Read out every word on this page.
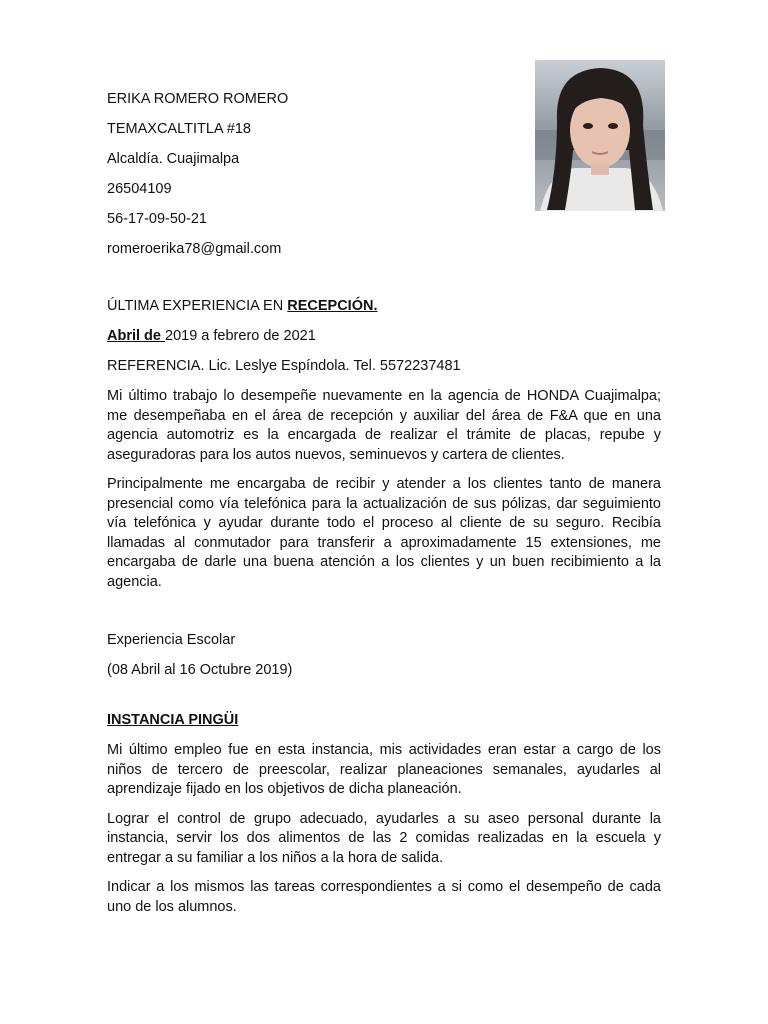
ERIKA ROMERO ROMERO
TEMAXCALTITLA #18
Alcaldía. Cuajimalpa
26504109
56-17-09-50-21
romeroerika78@gmail.com
ÚLTIMA EXPERIENCIA EN RECEPCIÓN.
Abril de 2019 a febrero de 2021
REFERENCIA. Lic. Leslye Espíndola. Tel. 5572237481

Mi último trabajo lo desempeñe nuevamente en la agencia de HONDA Cuajimalpa; me desempeñaba en el área de recepción y auxiliar del área de F&A que en una agencia automotriz es la encargada de realizar el trámite de placas, repube y aseguradoras para los autos nuevos, seminuevos y cartera de clientes.

Principalmente me encargaba de recibir y atender a los clientes tanto de manera presencial como vía telefónica para la actualización de sus pólizas, dar seguimiento vía telefónica y ayudar durante todo el proceso al cliente de su seguro. Recibía llamadas al conmutador para transferir a aproximadamente 15 extensiones, me encargaba de darle una buena atención a los clientes y un buen recibimiento a la agencia.

Experiencia Escolar
(08 Abril al 16 Octubre 2019)
INSTANCIA PINGÜI

Mi último empleo fue en esta instancia, mis actividades eran estar a cargo de los niños de tercero de preescolar, realizar planeaciones semanales, ayudarles al aprendizaje fijado en los objetivos de dicha planeación.

Lograr el control de grupo adecuado, ayudarles a su aseo personal durante la instancia, servir los dos alimentos de las 2 comidas realizadas en la escuela y entregar a su familiar a los niños a la hora de salida.

Indicar a los mismos las tareas correspondientes a si como el desempeño de cada uno de los alumnos.
